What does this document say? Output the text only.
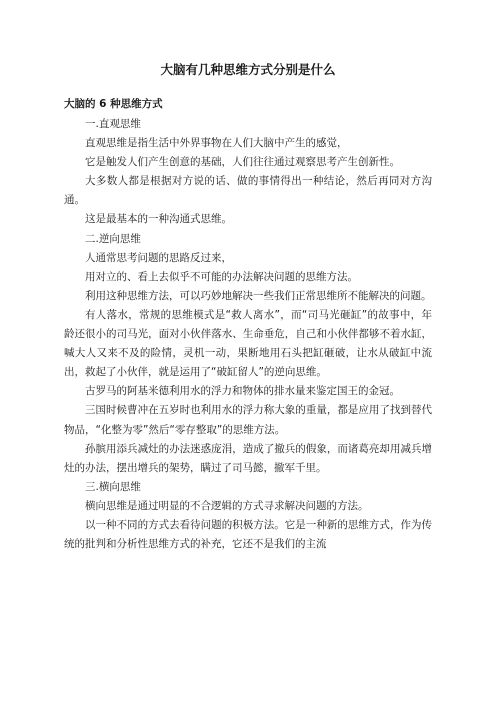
大脑有几种思维方式分别是什么
大脑的 6 种思维方式

一.直观思维

直观思维是指生活中外界事物在人们大脑中产生的感觉，

它是触发人们产生创意的基础，人们往往通过观察思考产生创新性。

大多数人都是根据对方说的话、做的事情得出一种结论，然后再同对方沟通。

这是最基本的一种沟通式思维。

二.逆向思维

人通常思考问题的思路反过来，

用对立的、看上去似乎不可能的办法解决问题的思维方法。

利用这种思维方法，可以巧妙地解决一些我们正常思维所不能解决的问题。

有人落水，常规的思维模式是“救人离水”，而“司马光砸缸”的故事中，年龄还很小的司马光，面对小伙伴落水、生命垂危，自己和小伙伴都够不着水缸，喊大人又来不及的险情，灵机一动，果断地用石头把缸砸破，让水从破缸中流出，救起了小伙伴，就是运用了“破缸留人”的逆向思维。

古罗马的阿基米德利用水的浮力和物体的排水量来鉴定国王的金冠。

三国时候曹冲在五岁时也利用水的浮力称大象的重量，都是应用了找到替代物品，“化整为零”然后“零存整取”的思维方法。

孙膑用添兵减灶的办法迷惑庞涓，造成了撤兵的假象，而诸葛亮却用减兵增灶的办法，摆出增兵的架势，瞒过了司马懿，撤军千里。

三.横向思维

横向思维是通过明显的不合逻辑的方式寻求解决问题的方法。

以一种不同的方式去看待问题的积极方法。它是一种新的思维方式，作为传统的批判和分析性思维方式的补充，它还不是我们的主流
